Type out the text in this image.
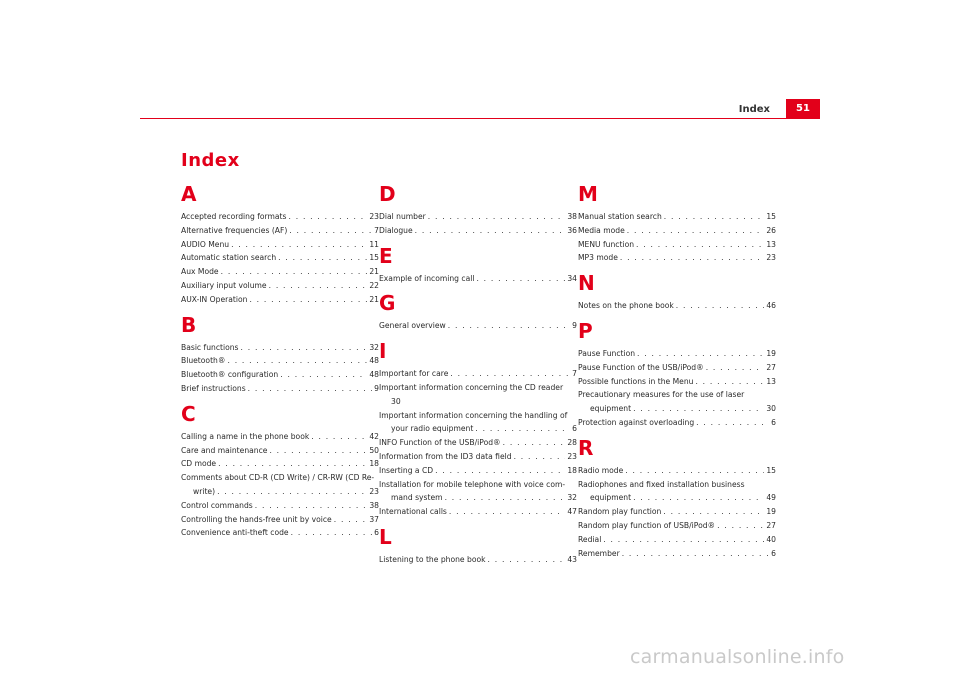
Index	51
Index
A
Accepted recording formats . . .	23
Alternative frequencies (AF) . . .	7
AUDIO Menu . . .	11
Automatic station search . . .	15
Aux Mode . . .	21
Auxiliary input volume . . .	22
AUX-IN Operation . . .	21
B
Basic functions . . .	32
Bluetooth® . . .	48
Bluetooth® configuration . . .	48
Brief instructions . . .	9
C
Calling a name in the phone book . . .	42
Care and maintenance . . .	50
CD mode . . .	18
Comments about CD-R (CD Write) / CR-RW (CD Re-
write) . . .	23
Control commands . . .	38
Controlling the hands-free unit by voice . . .	37
Convenience anti-theft code . . .	6
D
Dial number . . .	38
Dialogue . . .	36
E
Example of incoming call . . .	34
G
General overview . . .	9
I
Important for care . . .	7
Important information concerning the CD reader
30
Important information concerning the handling of
your radio equipment . . .	6
INFO Function of the USB/iPod® . . .	28
Information from the ID3 data field . . .	23
Inserting a CD . . .	18
Installation for mobile telephone with voice com-
mand system . . .	32
International calls . . .	47
L
Listening to the phone book . . .	43
M
Manual station search . . .	15
Media mode . . .	26
MENU function . . .	13
MP3 mode . . .	23
N
Notes on the phone book . . .	46
P
Pause Function . . .	19
Pause Function of the USB/iPod® . . .	27
Possible functions in the Menu . . .	13
Precautionary measures for the use of laser
equipment . . .	30
Protection against overloading . . .	6
R
Radio mode . . .	15
Radiophones and fixed installation business
equipment . . .	49
Random play function . . .	19
Random play function of USB/iPod® . . .	27
Redial . . .	40
Remember . . .	6
carmanualsonline.info
